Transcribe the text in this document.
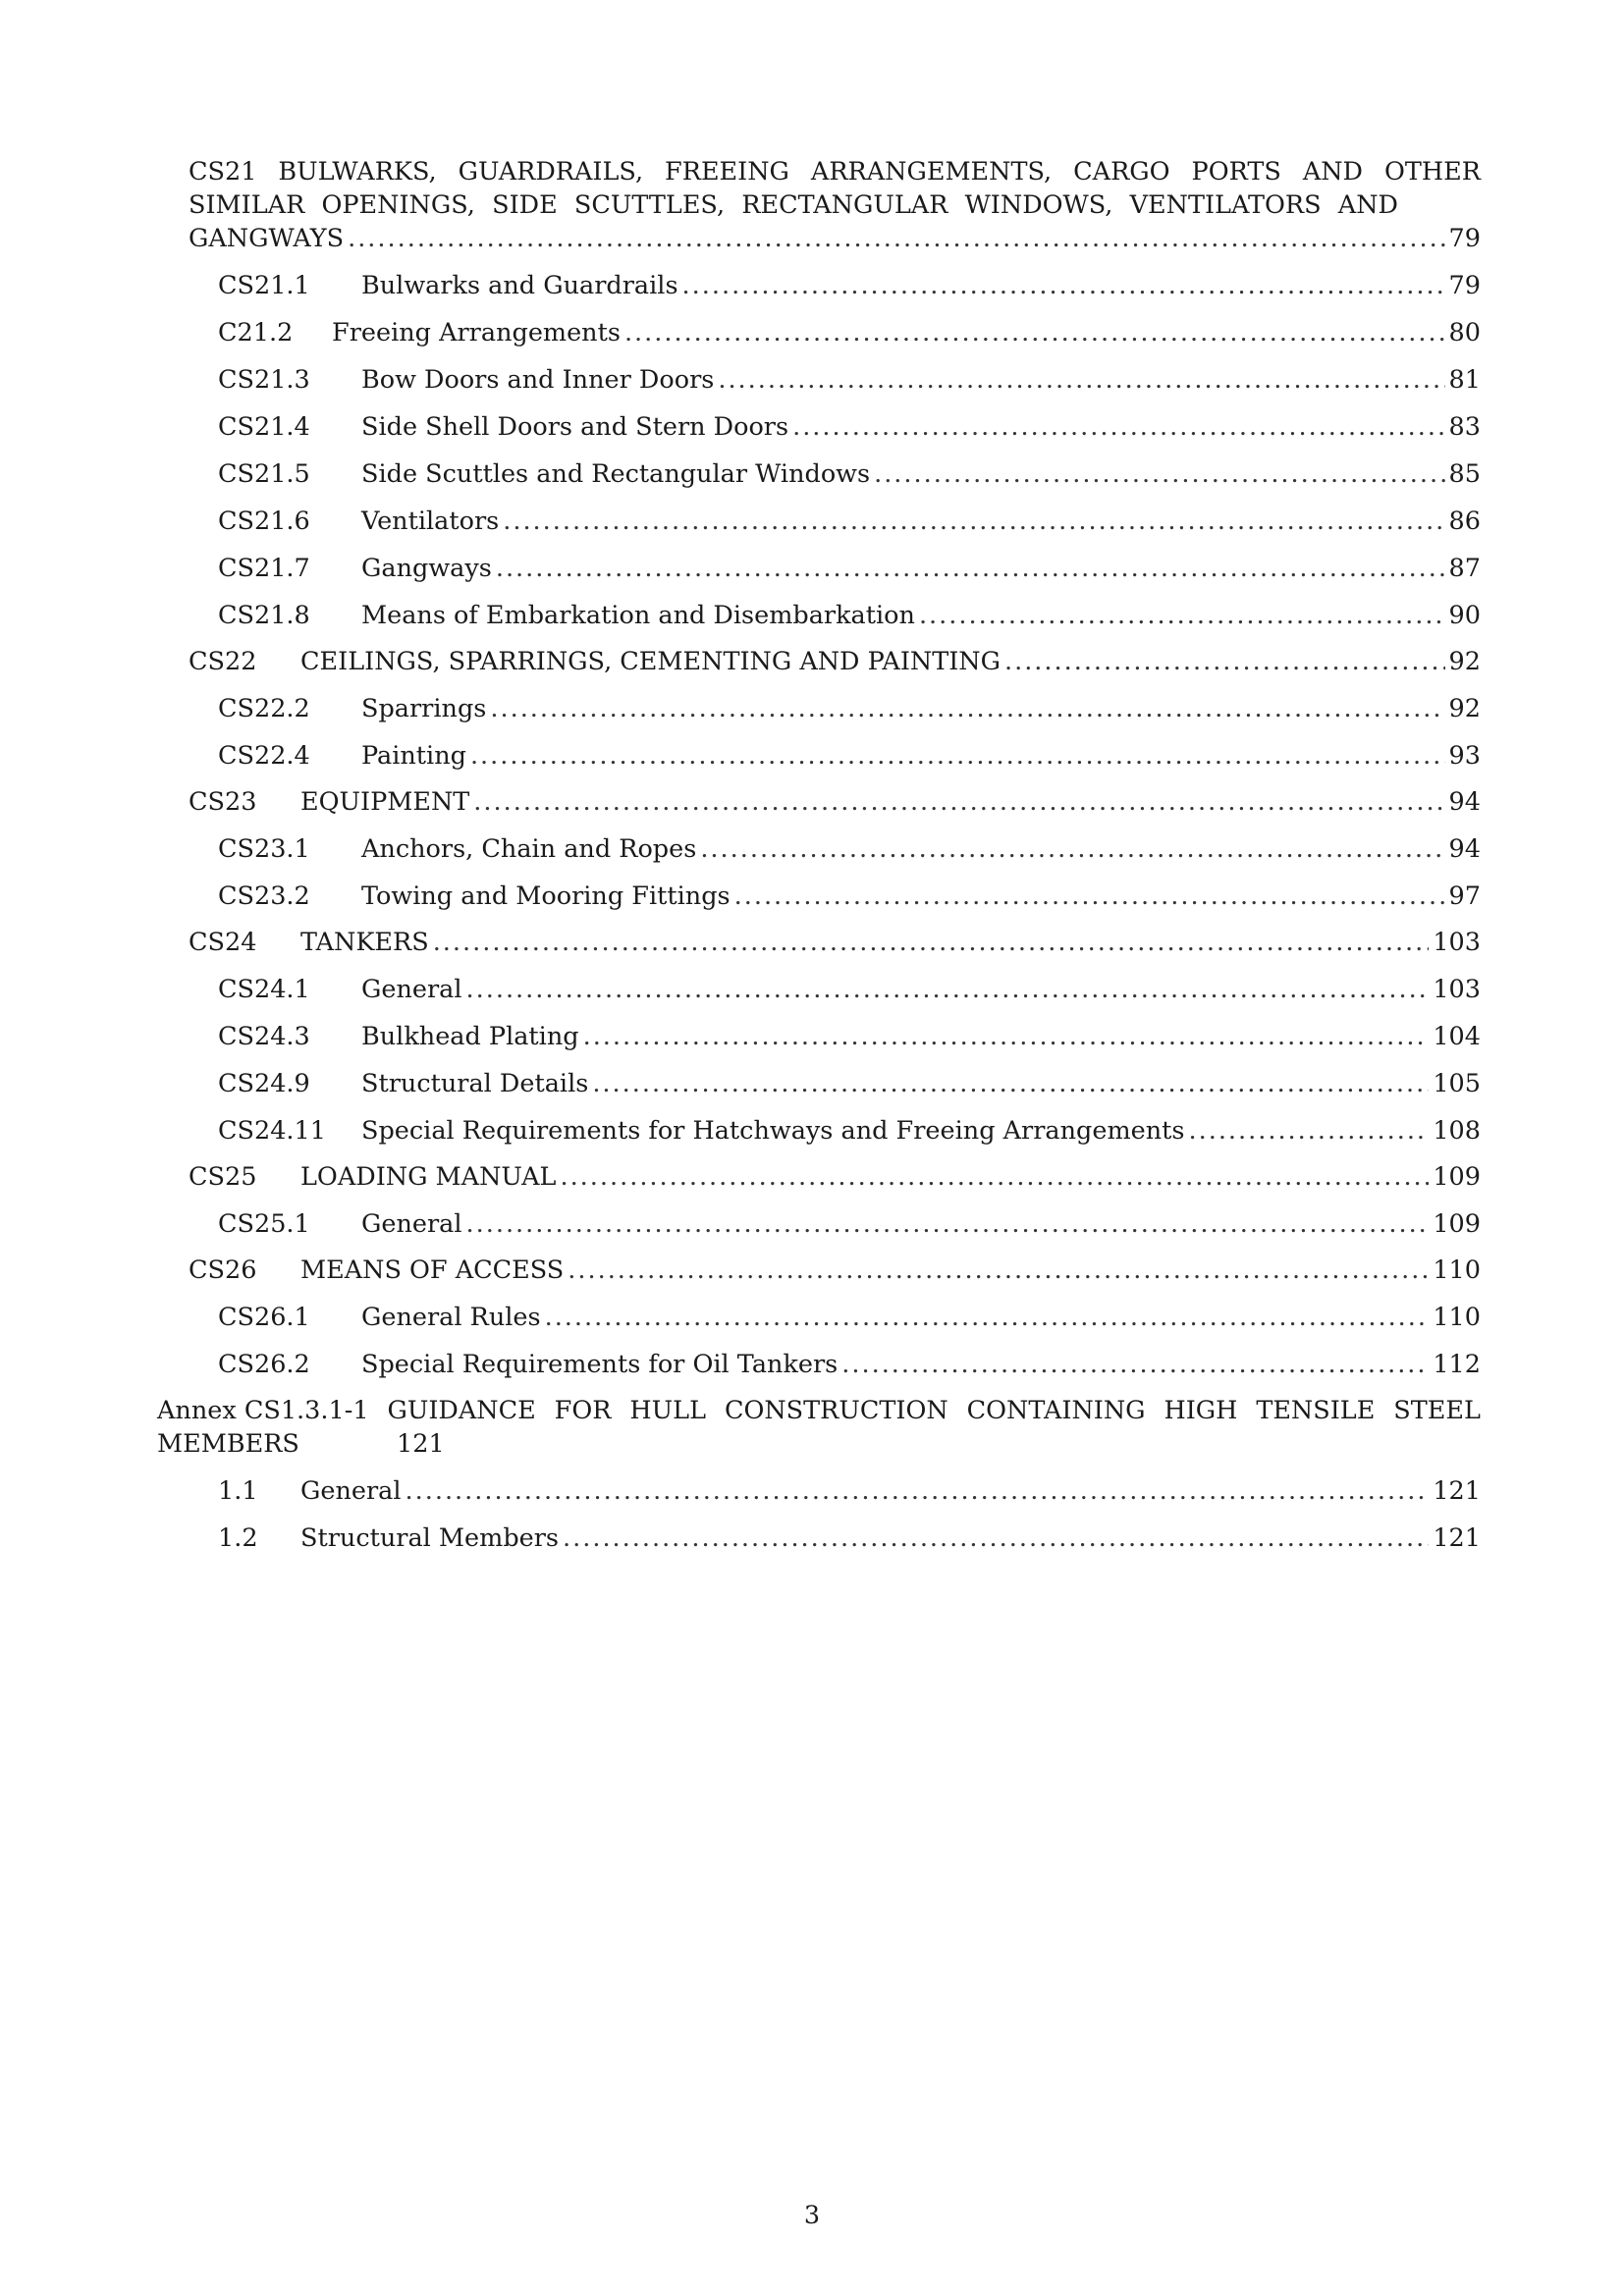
CS21 BULWARKS, GUARDRAILS, FREEING ARRANGEMENTS, CARGO PORTS AND OTHER
SIMILAR OPENINGS, SIDE SCUTTLES, RECTANGULAR WINDOWS, VENTILATORS AND
GANGWAYS .....	79
CS21.1	Bulwarks and Guardrails .....	79
C21.2	Freeing Arrangements .....	80
CS21.3	Bow Doors and Inner Doors .....	81
CS21.4	Side Shell Doors and Stern Doors .....	83
CS21.5	Side Scuttles and Rectangular Windows .....	85
CS21.6	Ventilators .....	86
CS21.7	Gangways .....	87
CS21.8	Means of Embarkation and Disembarkation .....	90
CS22	CEILINGS, SPARRINGS, CEMENTING AND PAINTING .....	92
CS22.2	Sparrings .....	92
CS22.4	Painting .....	93
CS23	EQUIPMENT .....	94
CS23.1	Anchors, Chain and Ropes .....	94
CS23.2	Towing and Mooring Fittings .....	97
CS24	TANKERS .....	103
CS24.1	General .....	103
CS24.3	Bulkhead Plating .....	104
CS24.9	Structural Details .....	105
CS24.11	Special Requirements for Hatchways and Freeing Arrangements .....	108
CS25	LOADING MANUAL .....	109
CS25.1	General .....	109
CS26	MEANS OF ACCESS .....	110
CS26.1	General Rules .....	110
CS26.2	Special Requirements for Oil Tankers .....	112
Annex CS1.3.1-1 GUIDANCE FOR HULL CONSTRUCTION CONTAINING HIGH TENSILE STEEL
MEMBERS	121
1.1	General .....	121
1.2	Structural Members .....	121
3
